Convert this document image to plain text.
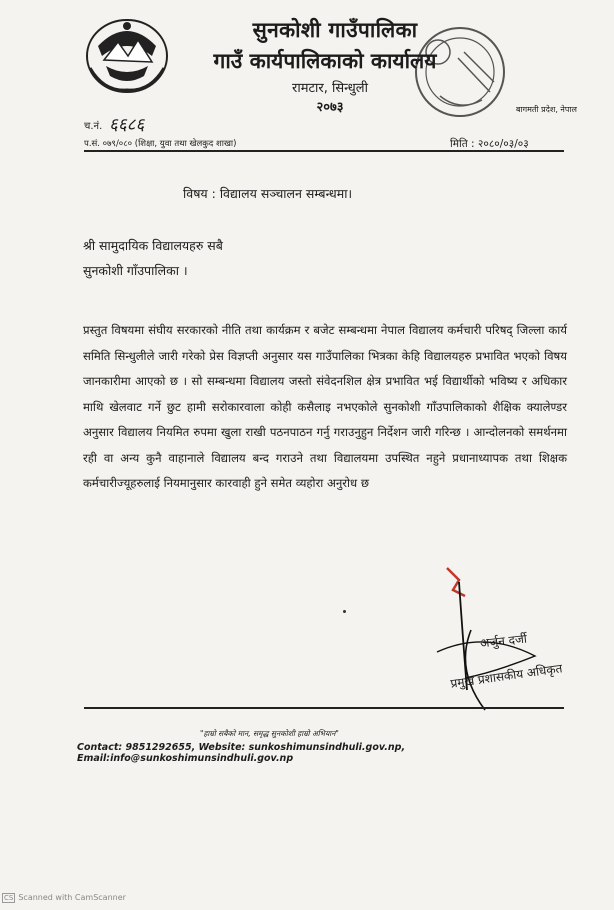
सुनकोशी गाउँपालिका
गाउँ कार्यपालिकाको कार्यालय
रामटार, सिन्धुली
२०७३	बागमती प्रदेश, नेपाल
च.नं. ६६८६
प.सं. ०७९/०८० (शिक्षा, युवा तथा खेलकुद शाखा)	मिति : २०८०/०३/०३
विषय : विद्यालय सञ्चालन सम्बन्धमा।
श्री सामुदायिक विद्यालयहरु सबै
सुनकोशी गाँउपालिका ।
प्रस्तुत विषयमा संघीय सरकारको नीति तथा कार्यक्रम र बजेट सम्बन्धमा नेपाल विद्यालय कर्मचारी परिषद् जिल्ला कार्य समिति सिन्धुलीले जारी गरेको प्रेस विज्ञप्ती अनुसार यस गाउँपालिका भित्रका केहि विद्यालयहरु प्रभावित भएको विषय जानकारीमा आएको छ । सो सम्बन्धमा विद्यालय जस्तो संवेदनशिल क्षेत्र प्रभावित भई विद्यार्थीको भविष्य र अधिकार माथि खेलवाट गर्ने छुट हामी सरोकारवाला कोही कसैलाइ नभएकोले सुनकोशी गाँउपालिकाको शैक्षिक क्यालेण्डर अनुसार विद्यालय नियमित रुपमा खुला राखी पठनपाठन गर्नु गराउनुहुन निर्देशन जारी गरिन्छ । आन्दोलनको समर्थनमा रही वा अन्य कुनै वाहानाले विद्यालय बन्द गराउने तथा विद्यालयमा उपस्थित नहुने प्रधानाध्यापक तथा शिक्षक कर्मचारीज्यूहरुलाई नियमानुसार कारवाही हुने समेत व्यहोरा अनुरोध छ
अर्जुन दर्जी
प्रमुख प्रशासकीय अधिकृत
"हाम्रो सबैको मान, समृद्ध सुनकोशी हाम्रो अभियान"
Contact: 9851292655, Website: sunkoshimunsindhuli.gov.np, Email:info@sunkoshimunsindhuli.gov.np
CS Scanned with CamScanner
